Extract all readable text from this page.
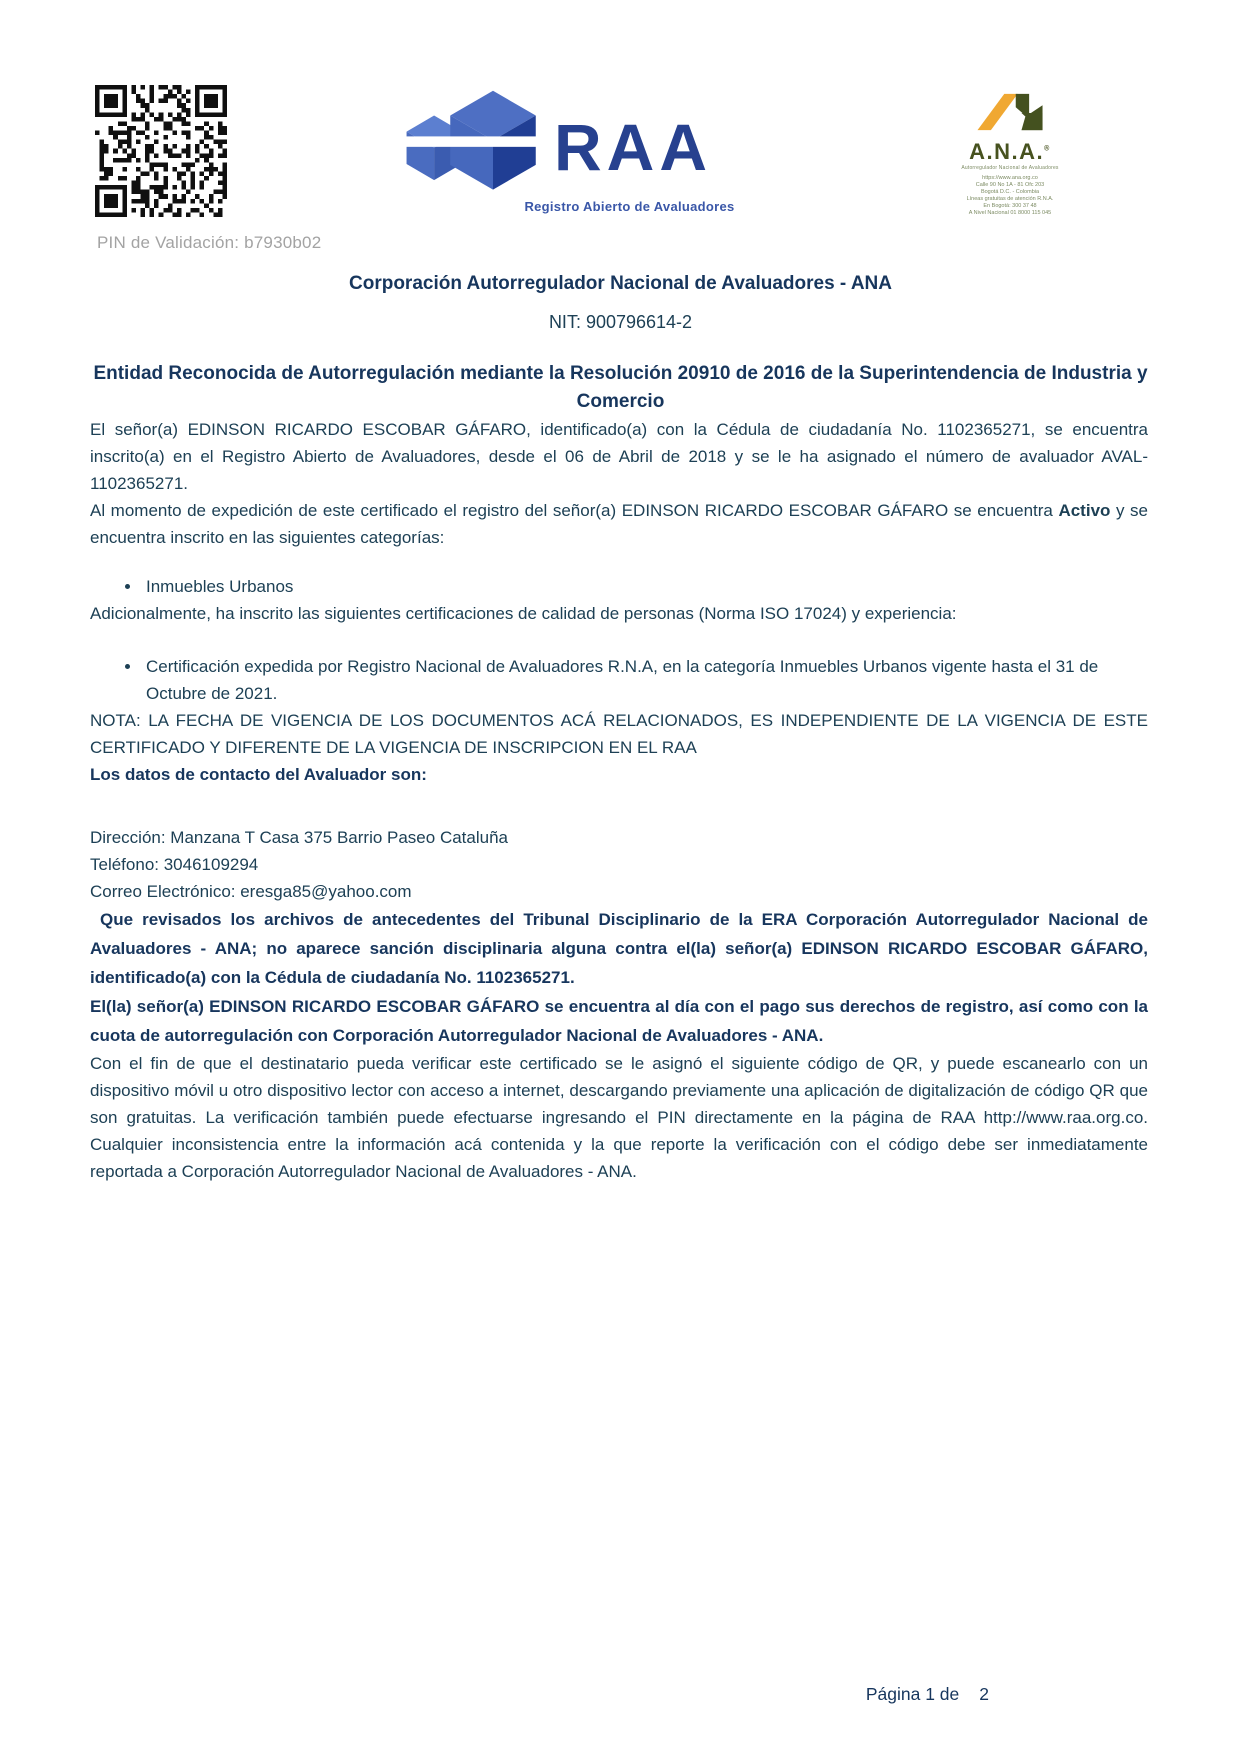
PIN de Validación: b7930b02
RAA
Registro Abierto de Avaluadores
A.N.A.®
Autorregulador Nacional de Avaluadores
https://www.ana.org.co
Calle 90 No 1A - 81 Ofc 203
Bogotá D.C. - Colombia
Líneas gratuitas de atención R.N.A.
En Bogotá: 300 37 48
A Nivel Nacional 01 8000 115 045
Corporación Autorregulador Nacional de Avaluadores - ANA
NIT: 900796614-2
Entidad Reconocida de Autorregulación mediante la Resolución 20910 de 2016 de la Superintendencia de Industria y Comercio

El señor(a) EDINSON RICARDO ESCOBAR GÁFARO, identificado(a) con la Cédula de ciudadanía No. 1102365271, se encuentra inscrito(a) en el Registro Abierto de Avaluadores, desde el 06 de Abril de 2018 y se le ha asignado el número de avaluador AVAL-1102365271.

Al momento de expedición de este certificado el registro del señor(a) EDINSON RICARDO ESCOBAR GÁFARO se encuentra Activo y se encuentra inscrito en las siguientes categorías:

• Inmuebles Urbanos

Adicionalmente, ha inscrito las siguientes certificaciones de calidad de personas (Norma ISO 17024) y experiencia:

• Certificación expedida por Registro Nacional de Avaluadores R.N.A, en la categoría Inmuebles Urbanos vigente hasta el 31 de Octubre de 2021.

NOTA: LA FECHA DE VIGENCIA DE LOS DOCUMENTOS ACÁ RELACIONADOS, ES INDEPENDIENTE DE LA VIGENCIA DE ESTE CERTIFICADO Y DIFERENTE DE LA VIGENCIA DE INSCRIPCION EN EL RAA

Los datos de contacto del Avaluador son:

Dirección: Manzana T Casa 375 Barrio Paseo Cataluña
Teléfono: 3046109294
Correo Electrónico: eresga85@yahoo.com

Que revisados los archivos de antecedentes del Tribunal Disciplinario de la ERA Corporación Autorregulador Nacional de Avaluadores - ANA; no aparece sanción disciplinaria alguna contra el(la) señor(a) EDINSON RICARDO ESCOBAR GÁFARO, identificado(a) con la Cédula de ciudadanía No. 1102365271.

El(la) señor(a) EDINSON RICARDO ESCOBAR GÁFARO se encuentra al día con el pago sus derechos de registro, así como con la cuota de autorregulación con Corporación Autorregulador Nacional de Avaluadores - ANA.

Con el fin de que el destinatario pueda verificar este certificado se le asignó el siguiente código de QR, y puede escanearlo con un dispositivo móvil u otro dispositivo lector con acceso a internet, descargando previamente una aplicación de digitalización de código QR que son gratuitas. La verificación también puede efectuarse ingresando el PIN directamente en la página de RAA http://www.raa.org.co. Cualquier inconsistencia entre la información acá contenida y la que reporte la verificación con el código debe ser inmediatamente reportada a Corporación Autorregulador Nacional de Avaluadores - ANA.

Página 1 de 2
